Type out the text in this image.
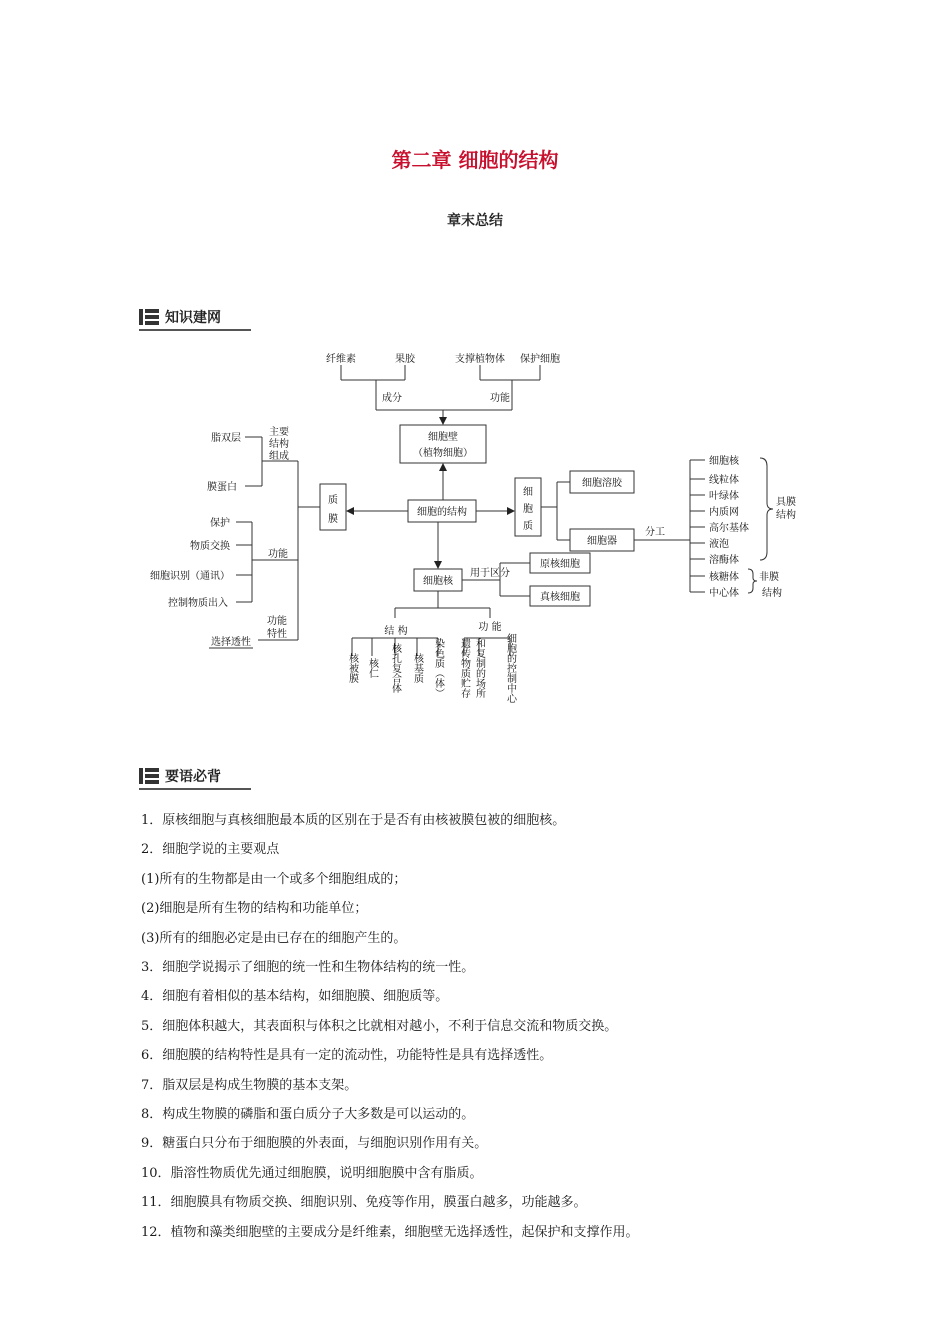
第二章 细胞的结构
章末总结
知识建网
纤维素	果胶	支撑植物体 保护细胞
成分	功能
细胞壁
（植物细胞）
脂双层
膜蛋白
主要
结构
组成
保护
物质交换
细胞识别（通讯）
控制物质出入
功能
选择透性
功能
特性
质
膜
细胞的结构
细
胞
质
细胞溶胶
细胞器
分工
细胞核
线粒体
叶绿体
内质网
高尔基体
液泡
溶酶体
核糖体
中心体
具膜
结构
非膜
结构
细胞核
用于区分
原核细胞
真核细胞
结 构	功 能
核被膜 核仁 核孔复合体 核基质 染色质（体） 遗传物质贮存 和复制的场所 细胞的控制中心
要语必背
1．原核细胞与真核细胞最本质的区别在于是否有由核被膜包被的细胞核。
2．细胞学说的主要观点
(1)所有的生物都是由一个或多个细胞组成的；
(2)细胞是所有生物的结构和功能单位；
(3)所有的细胞必定是由已存在的细胞产生的。
3．细胞学说揭示了细胞的统一性和生物体结构的统一性。
4．细胞有着相似的基本结构，如细胞膜、细胞质等。
5．细胞体积越大，其表面积与体积之比就相对越小，不利于信息交流和物质交换。
6．细胞膜的结构特性是具有一定的流动性，功能特性是具有选择透性。
7．脂双层是构成生物膜的基本支架。
8．构成生物膜的磷脂和蛋白质分子大多数是可以运动的。
9．糖蛋白只分布于细胞膜的外表面，与细胞识别作用有关。
10．脂溶性物质优先通过细胞膜，说明细胞膜中含有脂质。
11．细胞膜具有物质交换、细胞识别、免疫等作用，膜蛋白越多，功能越多。
12．植物和藻类细胞壁的主要成分是纤维素，细胞壁无选择透性，起保护和支撑作用。
